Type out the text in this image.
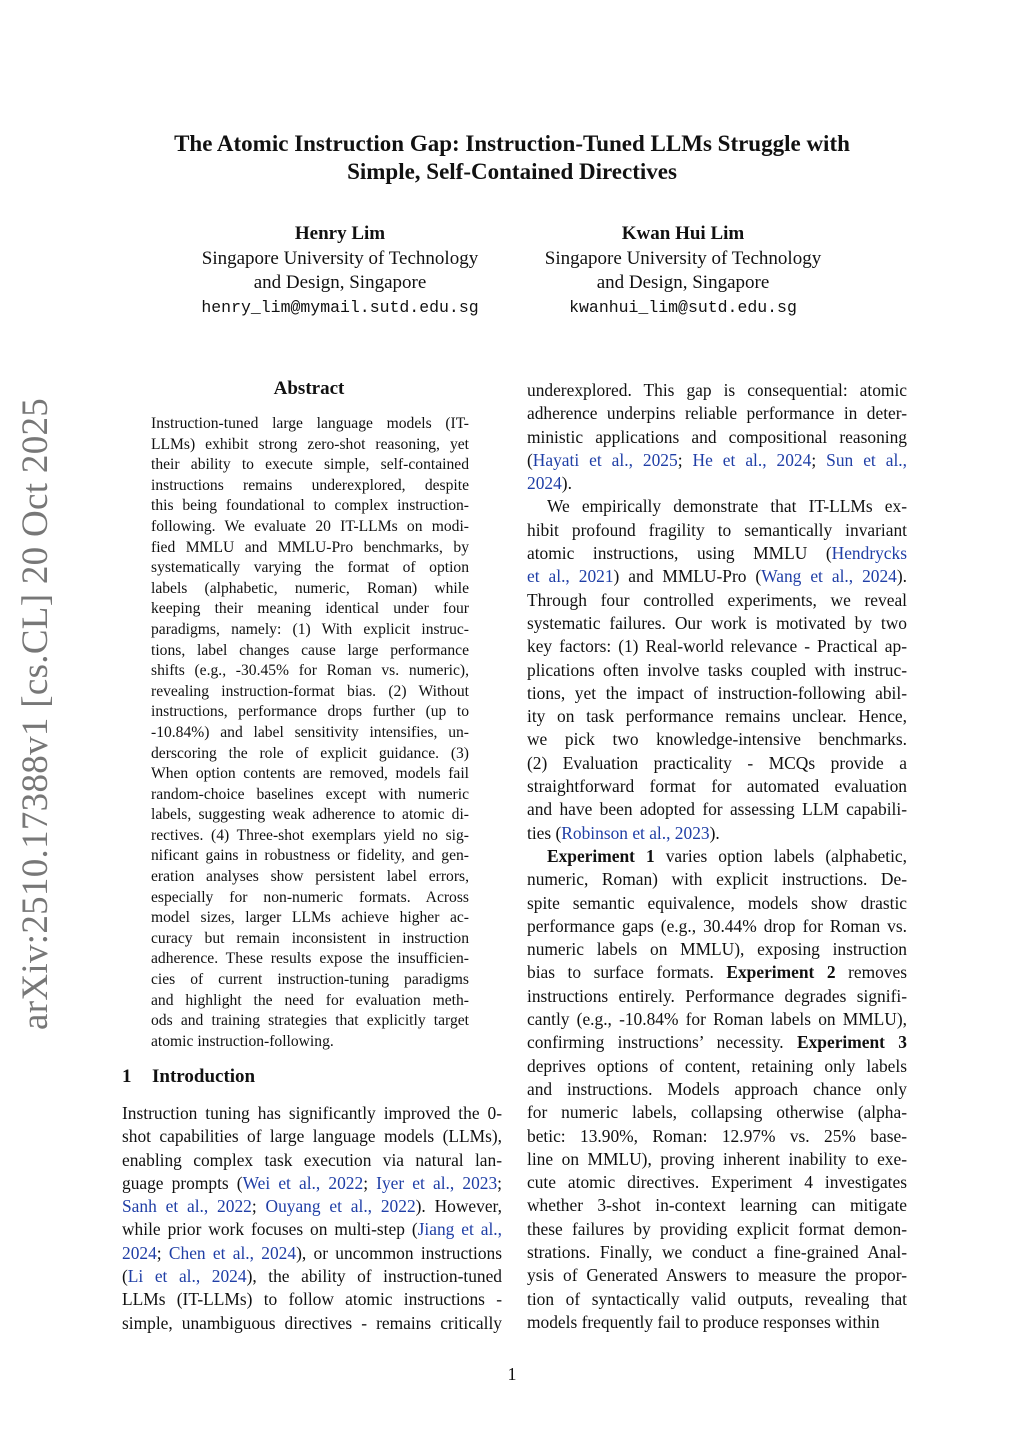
arXiv:2510.17388v1 [cs.CL] 20 Oct 2025
The Atomic Instruction Gap: Instruction-Tuned LLMs Struggle with
Simple, Self-Contained Directives
Henry Lim
Singapore University of Technology
and Design, Singapore
henry_lim@mymail.sutd.edu.sg
Kwan Hui Lim
Singapore University of Technology
and Design, Singapore
kwanhui_lim@sutd.edu.sg
Abstract
Instruction-tuned large language models (IT-
LLMs) exhibit strong zero-shot reasoning, yet
their ability to execute simple, self-contained
instructions remains underexplored, despite
this being foundational to complex instruction-
following. We evaluate 20 IT-LLMs on modi-
fied MMLU and MMLU-Pro benchmarks, by
systematically varying the format of option
labels (alphabetic, numeric, Roman) while
keeping their meaning identical under four
paradigms, namely: (1) With explicit instruc-
tions, label changes cause large performance
shifts (e.g., -30.45% for Roman vs. numeric),
revealing instruction-format bias. (2) Without
instructions, performance drops further (up to
-10.84%) and label sensitivity intensifies, un-
derscoring the role of explicit guidance. (3)
When option contents are removed, models fail
random-choice baselines except with numeric
labels, suggesting weak adherence to atomic di-
rectives. (4) Three-shot exemplars yield no sig-
nificant gains in robustness or fidelity, and gen-
eration analyses show persistent label errors,
especially for non-numeric formats. Across
model sizes, larger LLMs achieve higher ac-
curacy but remain inconsistent in instruction
adherence. These results expose the insufficien-
cies of current instruction-tuning paradigms
and highlight the need for evaluation meth-
ods and training strategies that explicitly target
atomic instruction-following.
1 Introduction
Instruction tuning has significantly improved the 0-
shot capabilities of large language models (LLMs),
enabling complex task execution via natural lan-
guage prompts (Wei et al., 2022; Iyer et al., 2023;
Sanh et al., 2022; Ouyang et al., 2022). However,
while prior work focuses on multi-step (Jiang et al.,
2024; Chen et al., 2024), or uncommon instructions
(Li et al., 2024), the ability of instruction-tuned
LLMs (IT-LLMs) to follow atomic instructions -
simple, unambiguous directives - remains critically
underexplored. This gap is consequential: atomic
adherence underpins reliable performance in deter-
ministic applications and compositional reasoning
(Hayati et al., 2025; He et al., 2024; Sun et al.,
2024).
We empirically demonstrate that IT-LLMs ex-
hibit profound fragility to semantically invariant
atomic instructions, using MMLU (Hendrycks
et al., 2021) and MMLU-Pro (Wang et al., 2024).
Through four controlled experiments, we reveal
systematic failures. Our work is motivated by two
key factors: (1) Real-world relevance - Practical ap-
plications often involve tasks coupled with instruc-
tions, yet the impact of instruction-following abil-
ity on task performance remains unclear. Hence,
we pick two knowledge-intensive benchmarks.
(2) Evaluation practicality - MCQs provide a
straightforward format for automated evaluation
and have been adopted for assessing LLM capabili-
ties (Robinson et al., 2023).
Experiment 1 varies option labels (alphabetic,
numeric, Roman) with explicit instructions. De-
spite semantic equivalence, models show drastic
performance gaps (e.g., 30.44% drop for Roman vs.
numeric labels on MMLU), exposing instruction
bias to surface formats. Experiment 2 removes
instructions entirely. Performance degrades signifi-
cantly (e.g., -10.84% for Roman labels on MMLU),
confirming instructions’ necessity. Experiment 3
deprives options of content, retaining only labels
and instructions. Models approach chance only
for numeric labels, collapsing otherwise (alpha-
betic: 13.90%, Roman: 12.97% vs. 25% base-
line on MMLU), proving inherent inability to exe-
cute atomic directives. Experiment 4 investigates
whether 3-shot in-context learning can mitigate
these failures by providing explicit format demon-
strations. Finally, we conduct a fine-grained Anal-
ysis of Generated Answers to measure the propor-
tion of syntactically valid outputs, revealing that
models frequently fail to produce responses within
1
